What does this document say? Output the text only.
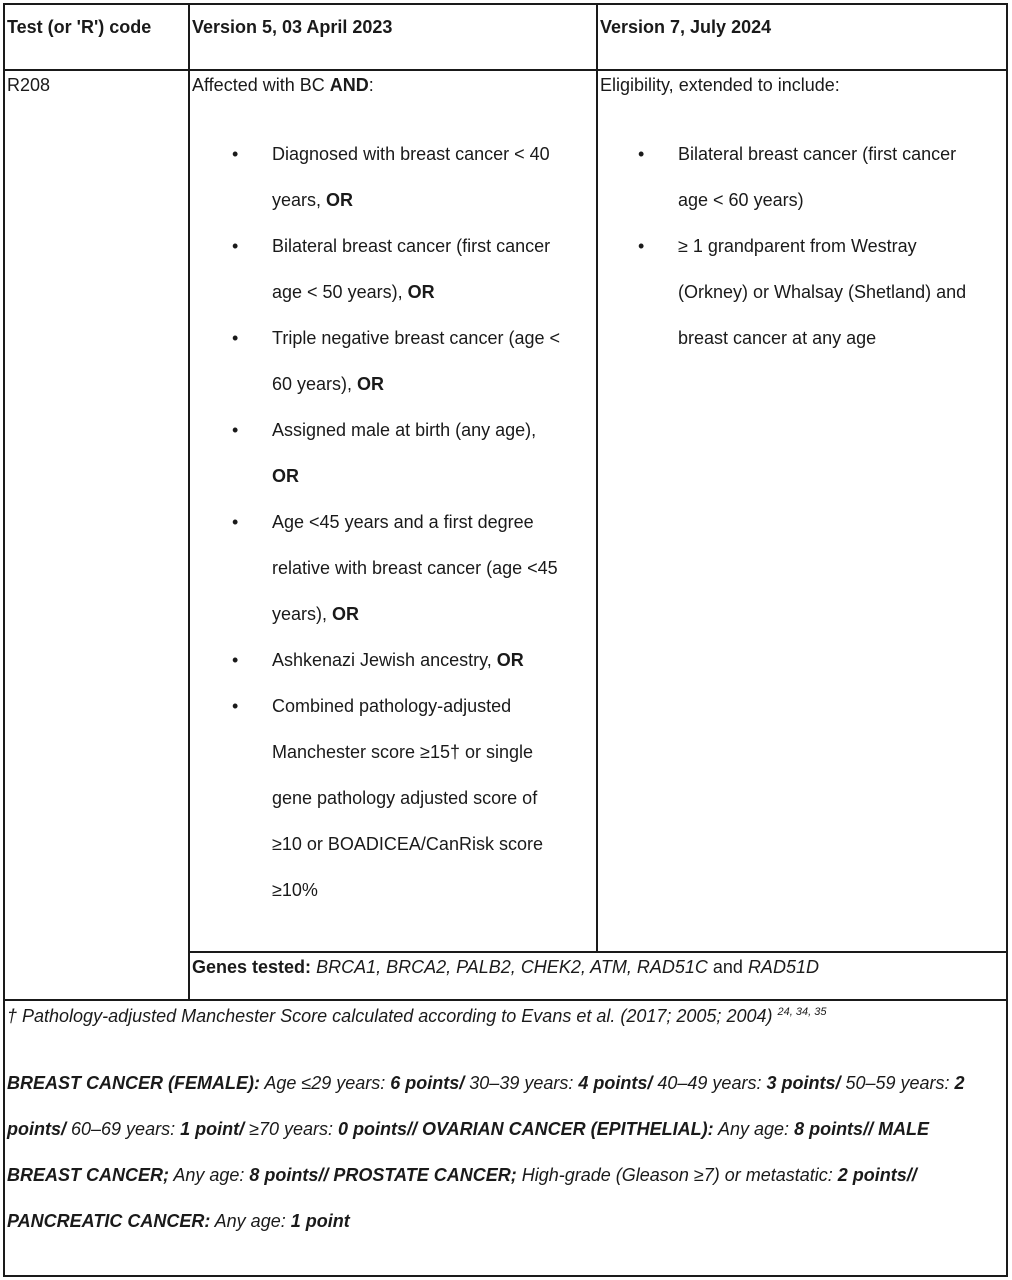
Test (or 'R') code Version 5, 03 April 2023	Version 7, July 2024
R208	Affected with BC AND:
• Diagnosed with breast cancer < 40
years, OR
• Bilateral breast cancer (first cancer
age < 50 years), OR
• Triple negative breast cancer (age <
60 years), OR
• Assigned male at birth (any age),
OR
• Age <45 years and a first degree
relative with breast cancer (age <45
years), OR
• Ashkenazi Jewish ancestry, OR
• Combined pathology-adjusted
Manchester score ≥15† or single
gene pathology adjusted score of
≥10 or BOADICEA/CanRisk score
≥10%
Eligibility, extended to include:
• Bilateral breast cancer (first cancer
age < 60 years)
• ≥ 1 grandparent from Westray
(Orkney) or Whalsay (Shetland) and
breast cancer at any age
Genes tested: BRCA1, BRCA2, PALB2, CHEK2, ATM, RAD51C and RAD51D
† Pathology-adjusted Manchester Score calculated according to Evans et al. (2017; 2005; 2004) $^{24, 34, 35}$
BREAST CANCER (FEMALE): Age ≤29 years: 6 points/ 30–39 years: 4 points/ 40–49 years: 3 points/ 50–59 years: 2 points/ 60–69 years: 1 point/ ≥70 years: 0 points// OVARIAN CANCER (EPITHELIAL): Any age: 8 points// MALE BREAST CANCER; Any age: 8 points// PROSTATE CANCER; High-grade (Gleason ≥7) or metastatic: 2 points// PANCREATIC CANCER: Any age: 1 point
